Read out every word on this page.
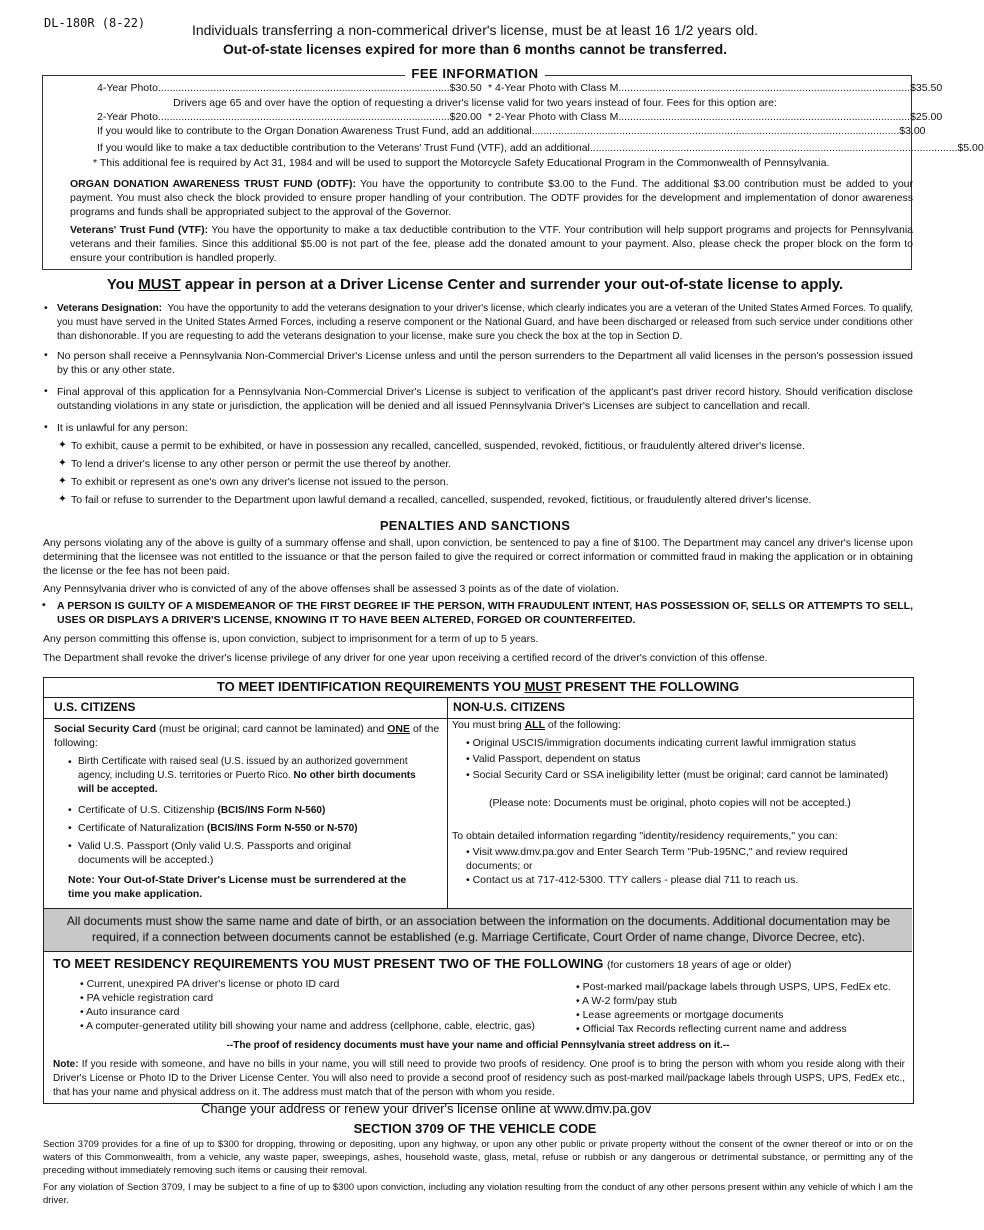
DL-180R (8-22)	Individuals transferring a non-commerical driver's license, must be at least 16 1/2 years old.
Out-of-state licenses expired for more than 6 months cannot be transferred.
FEE INFORMATION
4-Year Photo .................................................................................................... $30.50 * 4-Year Photo with Class M .................................................................................................... $35.50
Drivers age 65 and over have the option of requesting a driver's license valid for two years instead of four. Fees for this option are:
2-Year Photo .................................................................................................... $20.00 * 2-Year Photo with Class M .................................................................................................... $25.00
If you would like to contribute to the Organ Donation Awareness Trust Fund, add an additional .............................................................................................................................. $3.00
If you would like to make a tax deductible contribution to the Veterans' Trust Fund (VTF), add an additional .............................................................................................................................. $5.00
* This additional fee is required by Act 31, 1984 and will be used to support the Motorcycle Safety Educational Program in the Commonwealth of Pennsylvania.
ORGAN DONATION AWARENESS TRUST FUND (ODTF): You have the opportunity to contribute $3.00 to the Fund. The additional $3.00 contribution must be added to your payment. You must also check the block provided to ensure proper handling of your contribution. The ODTF provides for the development and implementation of donor awareness programs and funds shall be appropriated subject to the approval of the Governor.
Veterans' Trust Fund (VTF): You have the opportunity to make a tax deductible contribution to the VTF. Your contribution will help support programs and projects for Pennsylvania veterans and their families. Since this additional $5.00 is not part of the fee, please add the donated amount to your payment. Also, please check the proper block on the form to ensure your contribution is handled properly.
You MUST appear in person at a Driver License Center and surrender your out-of-state license to apply.
• Veterans Designation: You have the opportunity to add the veterans designation to your driver's license, which clearly indicates you are a veteran of the United States Armed Forces. To qualify, you must have served in the United States Armed Forces, including a reserve component or the National Guard, and have been discharged or released from such service under conditions other than dishonorable. If you are requesting to add the veterans designation to your license, make sure you check the box at the top in Section D.
• No person shall receive a Pennsylvania Non-Commercial Driver's License unless and until the person surrenders to the Department all valid licenses in the person's possession issued by this or any other state.
• Final approval of this application for a Pennsylvania Non-Commercial Driver's License is subject to verification of the applicant's past driver record history. Should verification disclose outstanding violations in any state or jurisdiction, the application will be denied and all issued Pennsylvania Driver's Licenses are subject to cancellation and recall.
• It is unlawful for any person:
✦ To exhibit, cause a permit to be exhibited, or have in possession any recalled, cancelled, suspended, revoked, fictitious, or fraudulently altered driver's license.
✦ To lend a driver's license to any other person or permit the use thereof by another.
✦ To exhibit or represent as one's own any driver's license not issued to the person.
✦ To fail or refuse to surrender to the Department upon lawful demand a recalled, cancelled, suspended, revoked, fictitious, or fraudulently altered driver's license.
PENALTIES AND SANCTIONS
Any persons violating any of the above is guilty of a summary offense and shall, upon conviction, be sentenced to pay a fine of $100. The Department may cancel any driver's license upon determining that the licensee was not entitled to the issuance or that the person failed to give the required or correct information or committed fraud in making the application or in obtaining the license or the fee has not been paid.
Any Pennsylvania driver who is convicted of any of the above offenses shall be assessed 3 points as of the date of violation.
• A PERSON IS GUILTY OF A MISDEMEANOR OF THE FIRST DEGREE IF THE PERSON, WITH FRAUDULENT INTENT, HAS POSSESSION OF, SELLS OR ATTEMPTS TO SELL, USES OR DISPLAYS A DRIVER'S LICENSE, KNOWING IT TO HAVE BEEN ALTERED, FORGED OR COUNTERFEITED.
Any person committing this offense is, upon conviction, subject to imprisonment for a term of up to 5 years.
The Department shall revoke the driver's license privilege of any driver for one year upon receiving a certified record of the driver's conviction of this offense.
TO MEET IDENTIFICATION REQUIREMENTS YOU MUST PRESENT THE FOLLOWING
U.S. CITIZENS	NON-U.S. CITIZENS
Social Security Card (must be original; card cannot be laminated) and ONE of the following:
• Birth Certificate with raised seal (U.S. issued by an authorized government agency, including U.S. territories or Puerto Rico. No other birth documents will be accepted.
• Certificate of U.S. Citizenship (BCIS/INS Form N-560)
• Certificate of Naturalization (BCIS/INS Form N-550 or N-570)
• Valid U.S. Passport (Only valid U.S. Passports and original documents will be accepted.)
Note: Your Out-of-State Driver's License must be surrendered at the time you make application.
You must bring ALL of the following:
• Original USCIS/immigration documents indicating current lawful immigration status
• Valid Passport, dependent on status
• Social Security Card or SSA ineligibility letter (must be original; card cannot be laminated)
(Please note: Documents must be original, photo copies will not be accepted.)
To obtain detailed information regarding "identity/residency requirements," you can:
• Visit www.dmv.pa.gov and Enter Search Term "Pub-195NC," and review required documents; or
• Contact us at 717-412-5300. TTY callers - please dial 711 to reach us.
All documents must show the same name and date of birth, or an association between the information on the documents. Additional documentation may be required, if a connection between documents cannot be established (e.g. Marriage Certificate, Court Order of name change, Divorce Decree, etc).
TO MEET RESIDENCY REQUIREMENTS YOU MUST PRESENT TWO OF THE FOLLOWING (for customers 18 years of age or older)
• Current, unexpired PA driver's license or photo ID card
• PA vehicle registration card
• Auto insurance card
• A computer-generated utility bill showing your name and address (cellphone, cable, electric, gas)
• Post-marked mail/package labels through USPS, UPS, FedEx etc.
• A W-2 form/pay stub
• Lease agreements or mortgage documents
• Official Tax Records reflecting current name and address
--The proof of residency documents must have your name and official Pennsylvania street address on it.--
Note: If you reside with someone, and have no bills in your name, you will still need to provide two proofs of residency. One proof is to bring the person with whom you reside along with their Driver's License or Photo ID to the Driver License Center. You will also need to provide a second proof of residency such as post-marked mail/package labels through USPS, UPS, FedEx etc., that has your name and physical address on it. The address must match that of the person with whom you reside.
Change your address or renew your driver's license online at www.dmv.pa.gov
SECTION 3709 OF THE VEHICLE CODE
Section 3709 provides for a fine of up to $300 for dropping, throwing or depositing, upon any highway, or upon any other public or private property without the consent of the owner thereof or into or on the waters of this Commonwealth, from a vehicle, any waste paper, sweepings, ashes, household waste, glass, metal, refuse or rubbish or any dangerous or detrimental substance, or permitting any of the preceding without immediately removing such items or causing their removal.
For any violation of Section 3709, I may be subject to a fine of up to $300 upon conviction, including any violation resulting from the conduct of any other persons present within any vehicle of which I am the driver.
